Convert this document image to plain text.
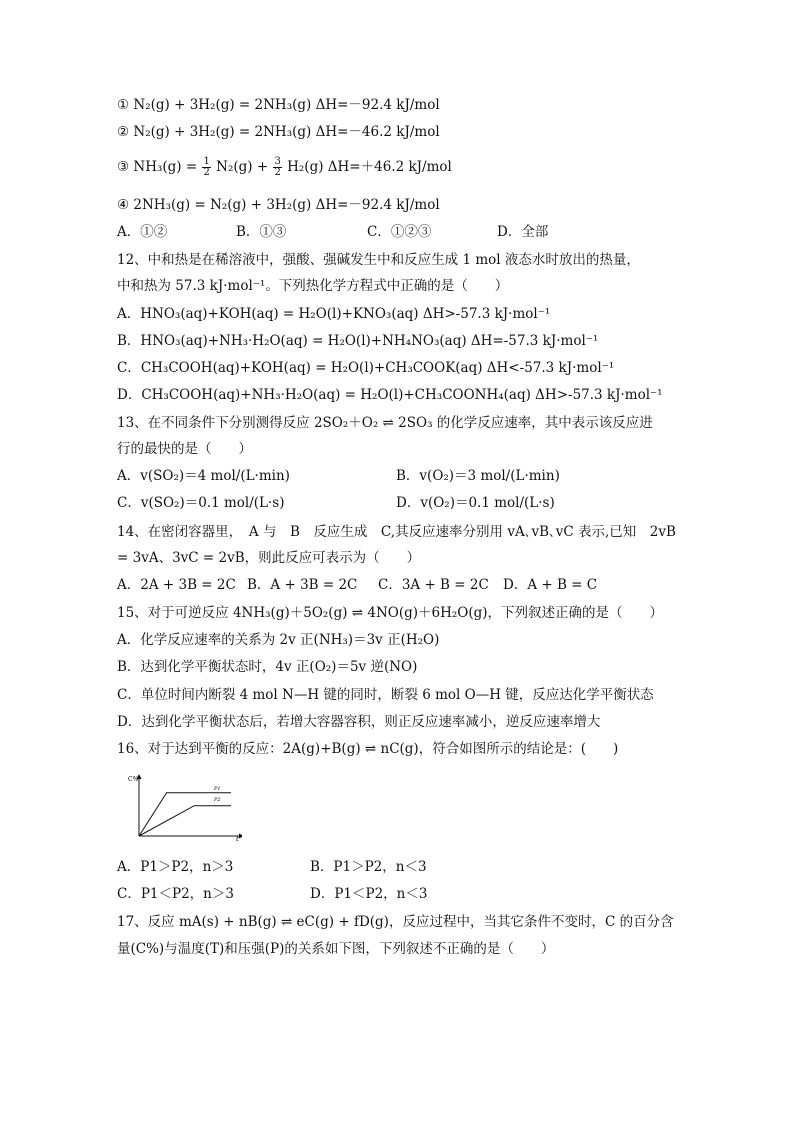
① N₂(g) + 3H₂(g) = 2NH₃(g) ΔH=－92.4 kJ/mol
② N₂(g) + 3H₂(g) = 2NH₃(g) ΔH=－46.2 kJ/mol
③ $NH_3(g) = \frac{1}{2} N_2(g) + \frac{3}{2} H_2(g)$ ΔH=＋46.2 kJ/mol
④ 2NH₃(g) = N₂(g) + 3H₂(g) ΔH=－92.4 kJ/mol
A．①②	B．①③	C．①②③	D．全部
12、中和热是在稀溶液中，强酸、强碱发生中和反应生成 1 mol 液态水时放出的热量，
中和热为 57.3 kJ·mol⁻¹。下列热化学方程式中正确的是（　　）
A．HNO₃(aq)+KOH(aq) = H₂O(l)+KNO₃(aq) ΔH>-57.3 kJ·mol⁻¹
B．HNO₃(aq)+NH₃·H₂O(aq) = H₂O(l)+NH₄NO₃(aq) ΔH=-57.3 kJ·mol⁻¹
C．CH₃COOH(aq)+KOH(aq) = H₂O(l)+CH₃COOK(aq) ΔH<-57.3 kJ·mol⁻¹
D．CH₃COOH(aq)+NH₃·H₂O(aq) = H₂O(l)+CH₃COONH₄(aq) ΔH>-57.3 kJ·mol⁻¹
13、在不同条件下分别测得反应 2SO₂＋O₂ ⇌ 2SO₃ 的化学反应速率，其中表示该反应进
行的最快的是（　　）
A．v(SO₂)＝4 mol/(L·min)	B．v(O₂)＝3 mol/(L·min)
C．v(SO₂)＝0.1 mol/(L·s)	D．v(O₂)＝0.1 mol/(L·s)
14、在密闭容器里，　A 与　B　反应生成　C,其反应速率分别用 vA､vB､vC 表示,已知　2vB
= 3vA、3vC = 2vB，则此反应可表示为（　　）
A．2A + 3B = 2C B．A + 3B = 2C C．3A + B = 2C D．A + B = C
15、对于可逆反应 4NH₃(g)＋5O₂(g) ⇌ 4NO(g)＋6H₂O(g)，下列叙述正确的是（　　）
A．化学反应速率的关系为 2v 正(NH₃)＝3v 正(H₂O)
B．达到化学平衡状态时，4v 正(O₂)＝5v 逆(NO)
C．单位时间内断裂 4 mol N—H 键的同时，断裂 6 mol O—H 键，反应达化学平衡状态
D．达到化学平衡状态后，若增大容器容积，则正反应速率减小，逆反应速率增大
16、对于达到平衡的反应：2A(g)+B(g) ⇌ nC(g)，符合如图所示的结论是：(　　)
C%
t
P1
P2
A．P1＞P2，n＞3	B．P1＞P2，n＜3
C．P1＜P2，n＞3	D．P1＜P2，n＜3
17、反应 mA(s) + nB(g) ⇌ eC(g) + fD(g)，反应过程中，当其它条件不变时，C 的百分含
量(C%)与温度(T)和压强(P)的关系如下图，下列叙述不正确的是（　　）
